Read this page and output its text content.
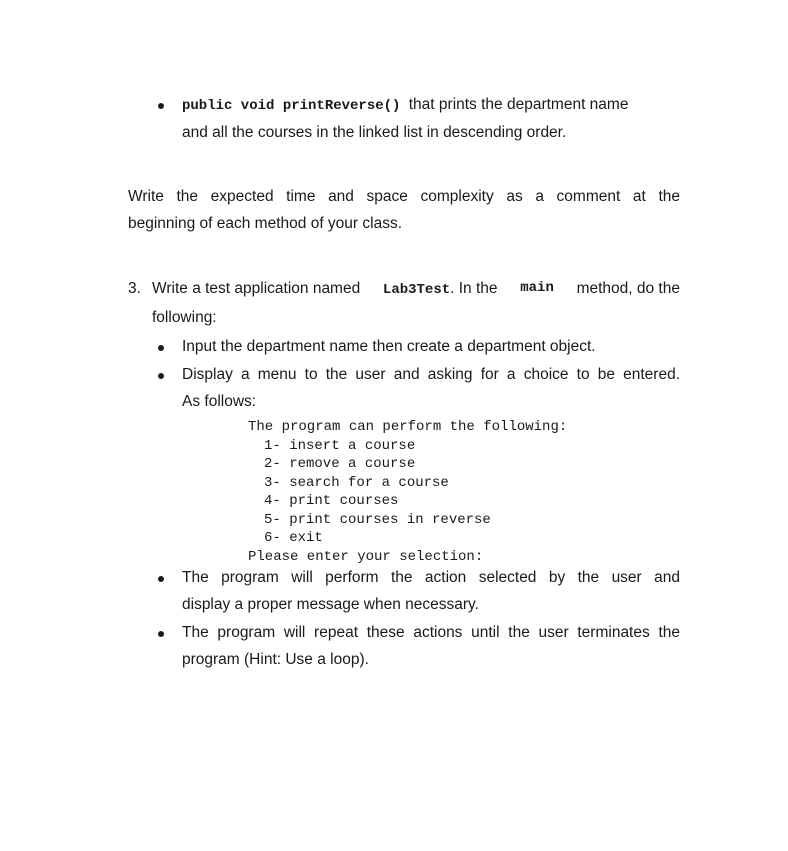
public void printReverse() that prints the department name
and all the courses in the linked list in descending order.
Write the expected time and space complexity as a comment at the
beginning of each method of your class.
3. Write a test application named Lab3Test. In the main method, do the
following:
Input the department name then create a department object.
Display a menu to the user and asking for a choice to be entered.
As follows:
The program can perform the following:
1- insert a course
2- remove a course
3- search for a course
4- print courses
5- print courses in reverse
6- exit
Please enter your selection:
The program will perform the action selected by the user and
display a proper message when necessary.
The program will repeat these actions until the user terminates the
program (Hint: Use a loop).
